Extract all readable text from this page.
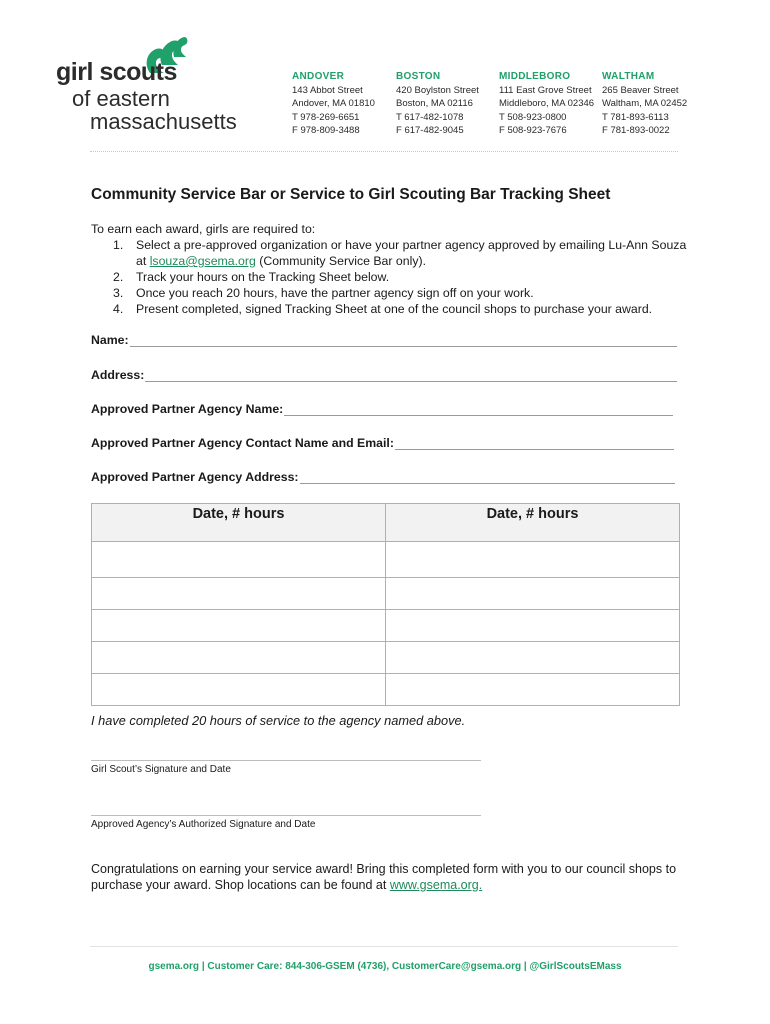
girl scouts
of eastern
massachusetts
ANDOVER
143 Abbot Street
Andover, MA 01810
T 978-269-6651
F 978-809-3488
BOSTON
420 Boylston Street
Boston, MA 02116
T 617-482-1078
F 617-482-9045
MIDDLEBORO
111 East Grove Street
Middleboro, MA 02346
T 508-923-0800
F 508-923-7676
WALTHAM
265 Beaver Street
Waltham, MA 02452
T 781-893-6113
F 781-893-0022
Community Service Bar or Service to Girl Scouting Bar Tracking Sheet
To earn each award, girls are required to:
1. Select a pre-approved organization or have your partner agency approved by emailing Lu-Ann Souza at lsouza@gsema.org (Community Service Bar only).
2. Track your hours on the Tracking Sheet below.
3. Once you reach 20 hours, have the partner agency sign off on your work.
4. Present completed, signed Tracking Sheet at one of the council shops to purchase your award.
Name:
Address:
Approved Partner Agency Name:
Approved Partner Agency Contact Name and Email:
Approved Partner Agency Address:
Date, # hours	Date, # hours

I have completed 20 hours of service to the agency named above.
Girl Scout’s Signature and Date
Approved Agency’s Authorized Signature and Date
Congratulations on earning your service award! Bring this completed form with you to our council shops to purchase your award. Shop locations can be found at www.gsema.org.
gsema.org | Customer Care: 844-306-GSEM (4736), CustomerCare@gsema.org | @GirlScoutsEMass
